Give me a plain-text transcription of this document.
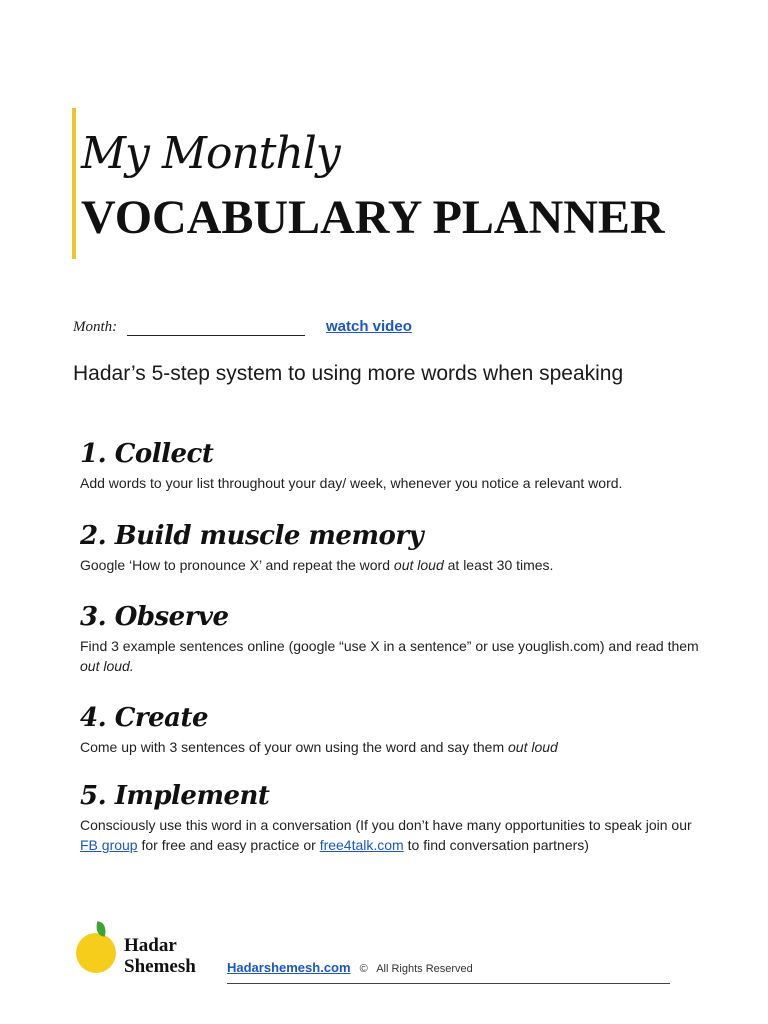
My Monthly
VOCABULARY PLANNER
Month:	watch video
Hadar’s 5-step system to using more words when speaking
1. Collect
Add words to your list throughout your day/ week, whenever you notice a relevant word.
2. Build muscle memory
Google ‘How to pronounce X’ and repeat the word out loud at least 30 times.
3. Observe
Find 3 example sentences online (google “use X in a sentence” or use youglish.com) and read them out loud.
4. Create
Come up with 3 sentences of your own using the word and say them out loud
5. Implement
Consciously use this word in a conversation (If you don’t have many opportunities to speak join our FB group for free and easy practice or free4talk.com to find conversation partners)
Hadar
Shemesh Hadarshemesh.com © All Rights Reserved
